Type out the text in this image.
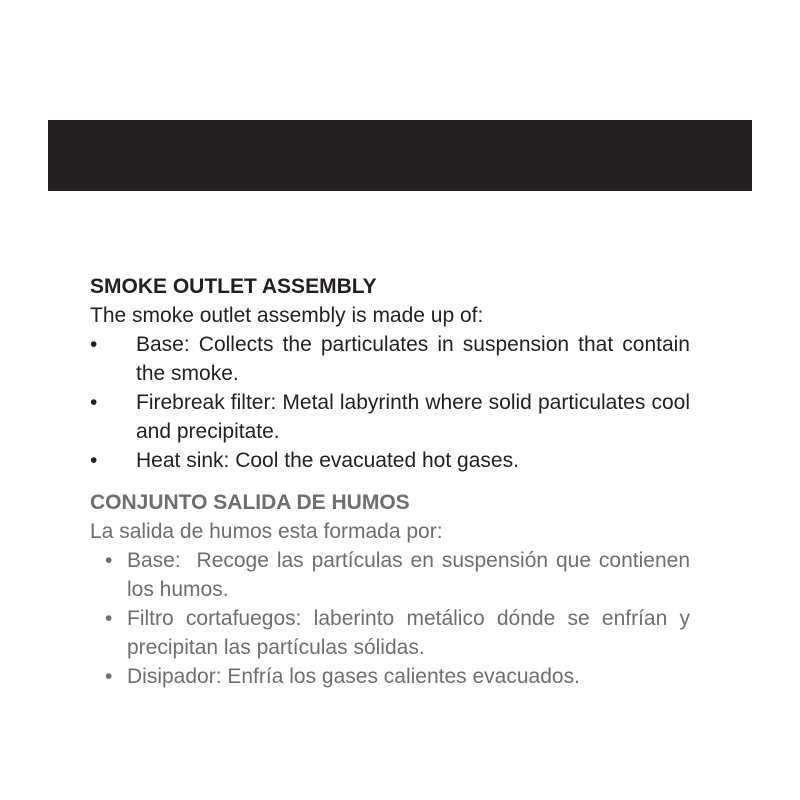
SMOKE OUTLET ASSEMBLY

The smoke outlet assembly is made up of:

•	Base: Collects the particulates in suspension that contain the smoke.
•	Firebreak filter: Metal labyrinth where solid particulates cool and precipitate.
•	Heat sink: Cool the evacuated hot gases.
CONJUNTO SALIDA DE HUMOS

La salida de humos esta formada por:

• Base:  Recoge las partículas en suspensión que contienen los humos.
• Filtro cortafuegos: laberinto metálico dónde se enfrían y precipitan las partículas sólidas.
• Disipador: Enfría los gases calientes evacuados.
